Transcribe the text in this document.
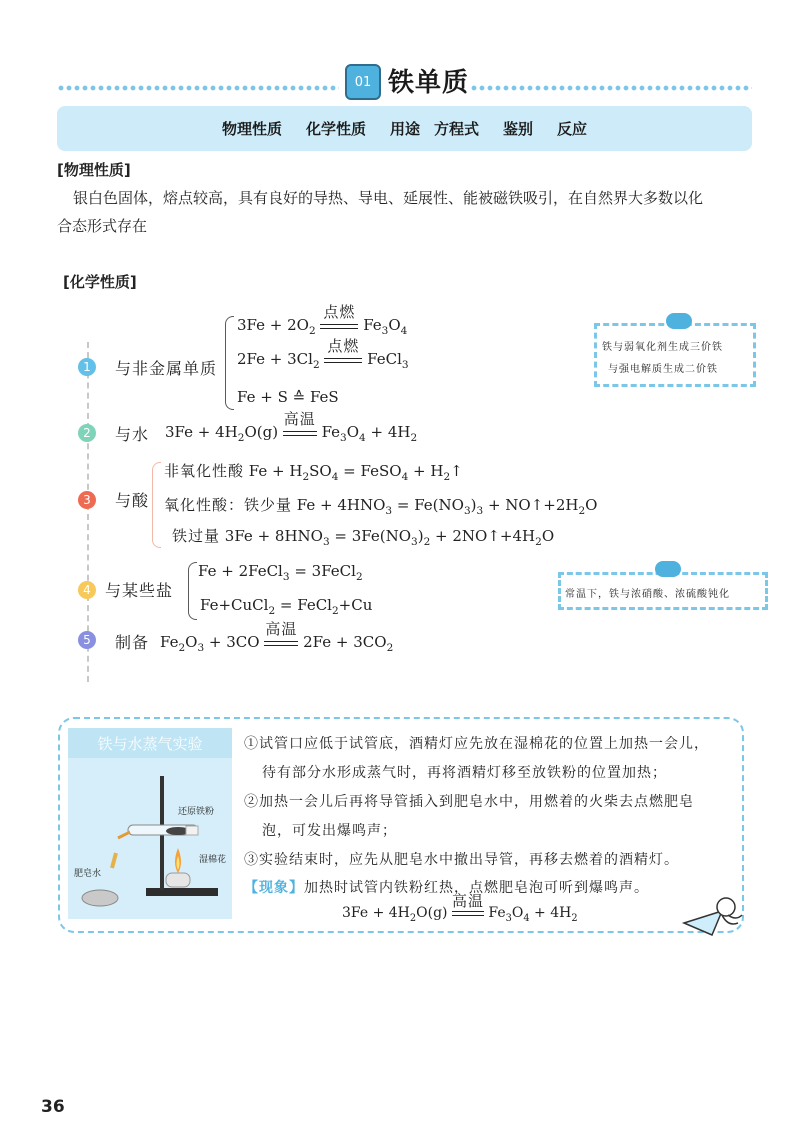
01 铁单质
物理性质 化学性质 用途 方程式 鉴别 反应
[物理性质]
银白色固体，熔点较高，具有良好的导热、导电、延展性、能被磁铁吸引，在自然界大多数以化
合态形式存在
[化学性质]
1	与非金属单质
$3Fe + 2O_2$
点燃
$Fe_3O_4$
$2Fe + 3Cl_2$
点燃
FeCl$_3$
Fe + S ≙ FeS
铁与弱氧化剂生成三价铁
与强电解质生成二价铁
2	与水 $3Fe + 4H_2O(g)$
高温
$Fe_3O_4 + 4H_2$
3	与酸
非氧化性酸 $Fe + H_2SO_4$ = FeSO$_4$ + $H_2↑$
氧化性酸：铁少量 $Fe + 4HNO_3 = Fe(NO_3)_3$ + $NO↑+2H_2O$
铁过量 $3Fe + 8HNO_3 = 3Fe(NO_3)_2$ + $2NO↑+4H_2O$
4 与某些盐
Fe + 2FeCl$_3$ = 3FeCl$_2$
Fe+CuCl$_2$ = FeCl$_2$+Cu
常温下，铁与浓硝酸、浓硫酸钝化
5	制备 $Fe_2O_3 + 3CO$
高温
$2Fe + 3CO_2$
铁与水蒸气实验
还原铁粉
湿棉花
肥皂水
①试管口应低于试管底，酒精灯应先放在湿棉花的位置上加热一会儿，
待有部分水形成蒸气时，再将酒精灯移至放铁粉的位置加热；
②加热一会儿后再将导管插入到肥皂水中，用燃着的火柴去点燃肥皂
泡，可发出爆鸣声；
③实验结束时，应先从肥皂水中撤出导管，再移去燃着的酒精灯。
【现象】加热时试管内铁粉红热，点燃肥皂泡可听到爆鸣声。
$3Fe + 4H_2O(g)$
高温
$Fe_3O_4 + 4H_2$
36
